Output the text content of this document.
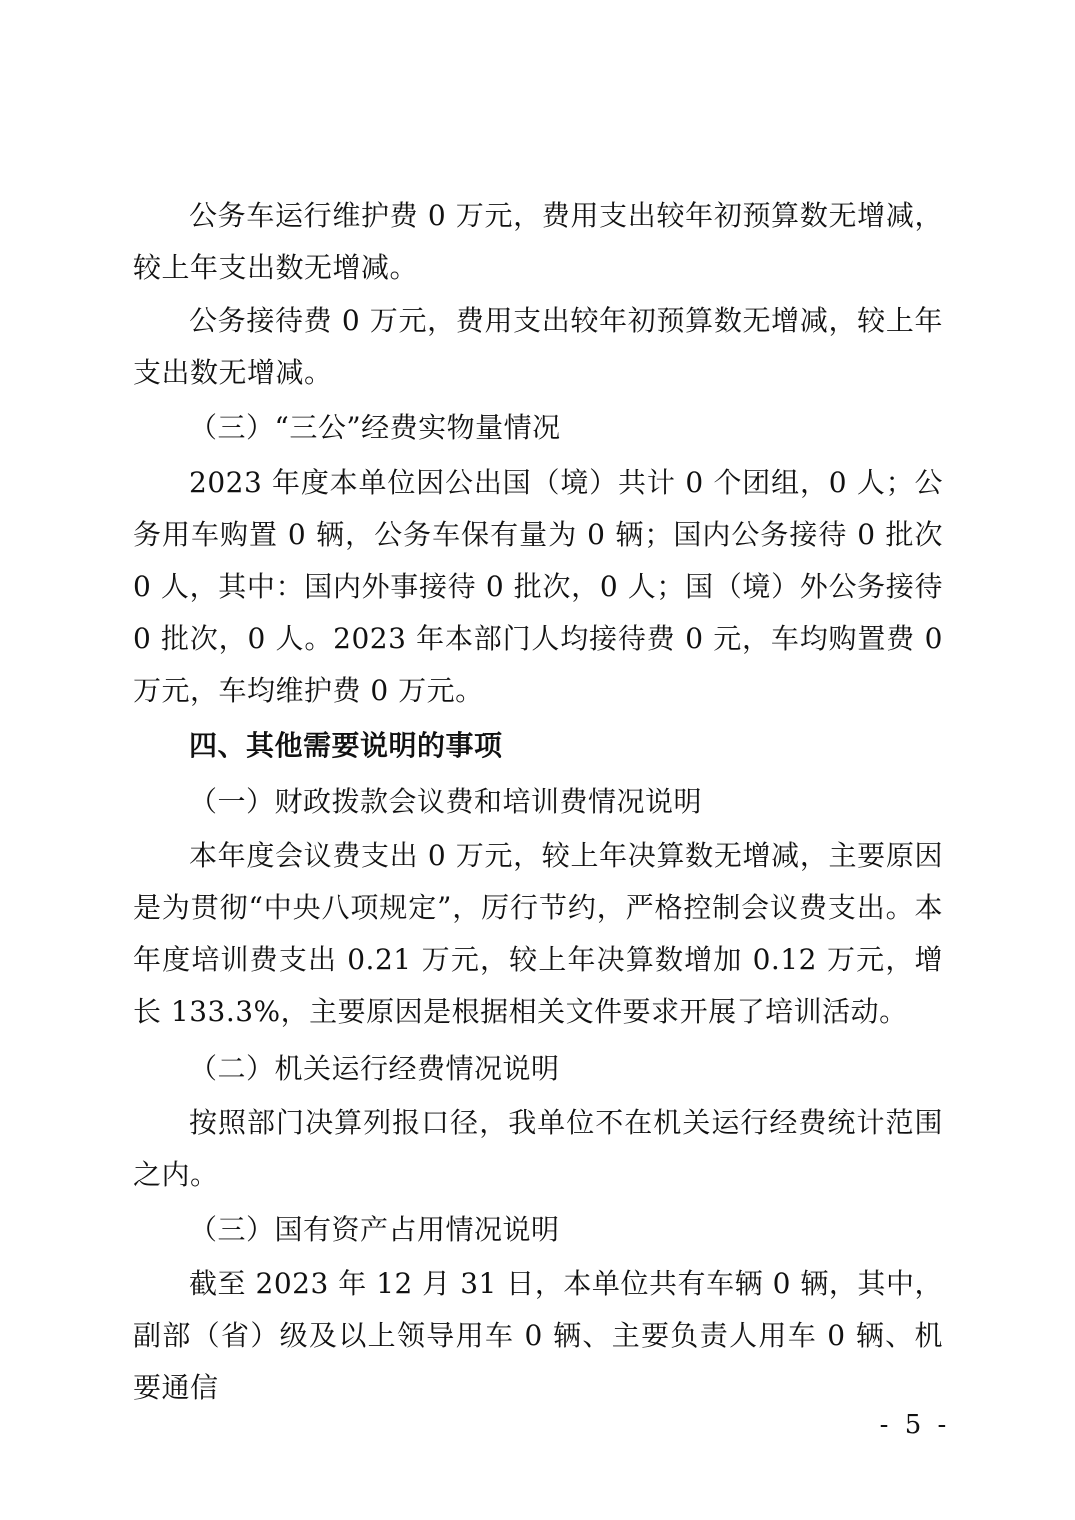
公务车运行维护费 0 万元，费用支出较年初预算数无增减，较上年支出数无增减。

公务接待费 0 万元，费用支出较年初预算数无增减，较上年支出数无增减。

（三）“三公”经费实物量情况

2023 年度本单位因公出国（境）共计 0 个团组，0 人；公务用车购置 0 辆，公务车保有量为 0 辆；国内公务接待 0 批次 0 人，其中：国内外事接待 0 批次，0 人；国（境）外公务接待 0 批次，0 人。2023 年本部门人均接待费 0 元，车均购置费 0 万元，车均维护费 0 万元。

四、其他需要说明的事项

（一）财政拨款会议费和培训费情况说明

本年度会议费支出 0 万元，较上年决算数无增减，主要原因是为贯彻“中央八项规定”，厉行节约，严格控制会议费支出。本年度培训费支出 0.21 万元，较上年决算数增加 0.12 万元，增长 133.3%，主要原因是根据相关文件要求开展了培训活动。

（二）机关运行经费情况说明

按照部门决算列报口径，我单位不在机关运行经费统计范围之内。

（三）国有资产占用情况说明

截至 2023 年 12 月 31 日，本单位共有车辆 0 辆，其中，副部（省）级及以上领导用车 0 辆、主要负责人用车 0 辆、机要通信

- 5 -
